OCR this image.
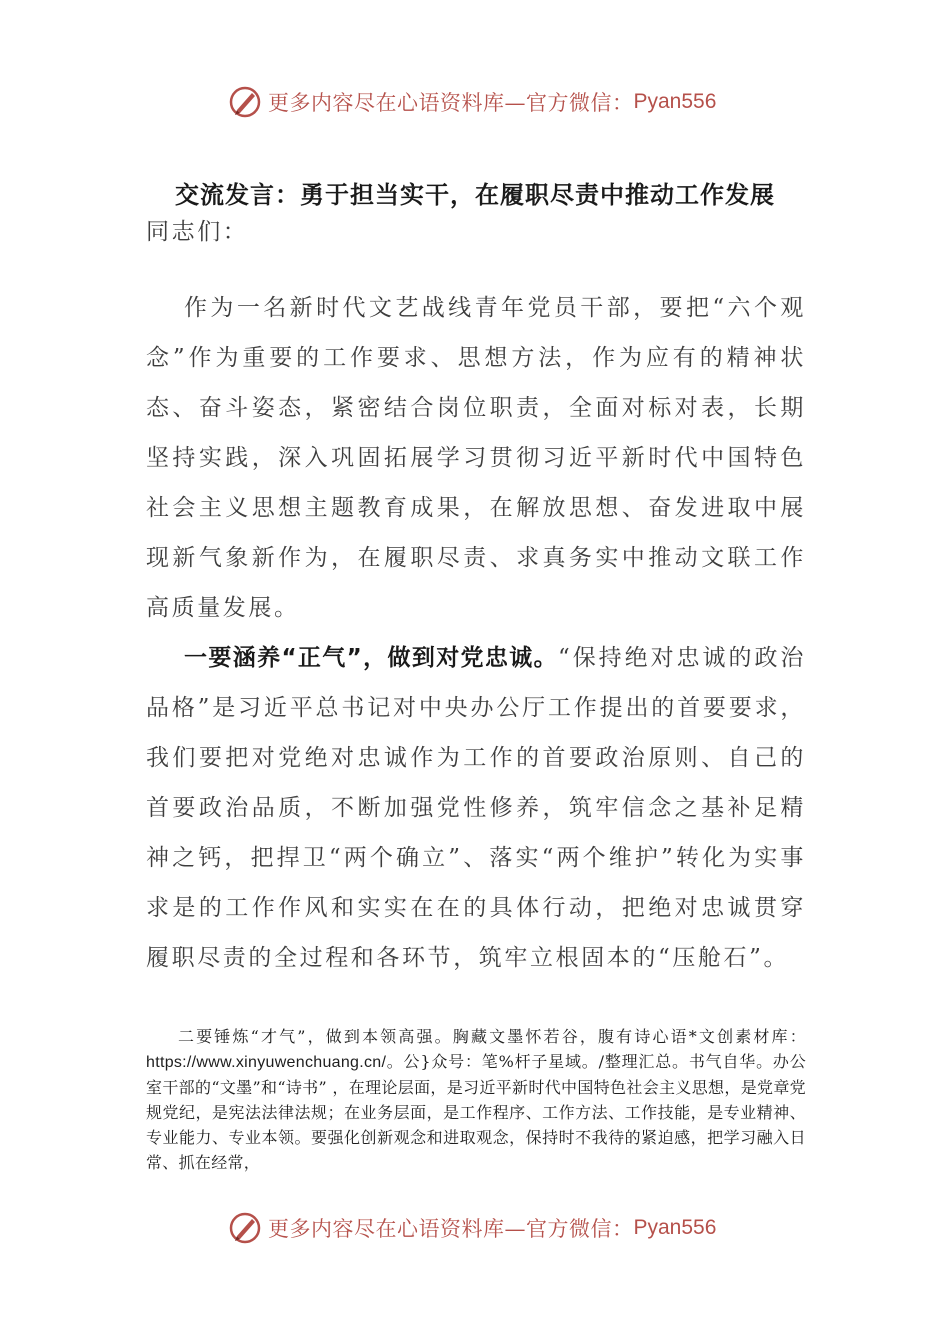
更多内容尽在心语资料库—官方微信： Pyan556
交流发言：勇于担当实干，在履职尽责中推动工作发展
同志们：
作为一名新时代文艺战线青年党员干部，要把“六个观念”作为重要的工作要求、思想方法，作为应有的精神状态、奋斗姿态，紧密结合岗位职责，全面对标对表，长期坚持实践，深入巩固拓展学习贯彻习近平新时代中国特色社会主义思想主题教育成果，在解放思想、奋发进取中展现新气象新作为，在履职尽责、求真务实中推动文联工作高质量发展。
一要涵养“正气”，做到对党忠诚。“保持绝对忠诚的政治品格”是习近平总书记对中央办公厅工作提出的首要要求，我们要把对党绝对忠诚作为工作的首要政治原则、自己的首要政治品质，不断加强党性修养，筑牢信念之基补足精神之钙，把捍卫“两个确立”、落实“两个维护”转化为实事求是的工作作风和实实在在的具体行动，把绝对忠诚贯穿履职尽责的全过程和各环节，筑牢立根固本的“压舱石”。
二要锤炼“才气”，做到本领高强。胸藏文墨怀若谷，腹有诗心语*文创素材库：https://www.xinyuwenchuang.cn/。公}众号：笔%杆子星域。/整理汇总。书气自华。办公室干部的“文墨”和“诗书” ，在理论层面，是习近平新时代中国特色社会主义思想，是党章党规党纪，是宪法法律法规；在业务层面，是工作程序、工作方法、工作技能，是专业精神、专业能力、专业本领。要强化创新观念和进取观念，保持时不我待的紧迫感，把学习融入日常、抓在经常，
更多内容尽在心语资料库—官方微信： Pyan556
